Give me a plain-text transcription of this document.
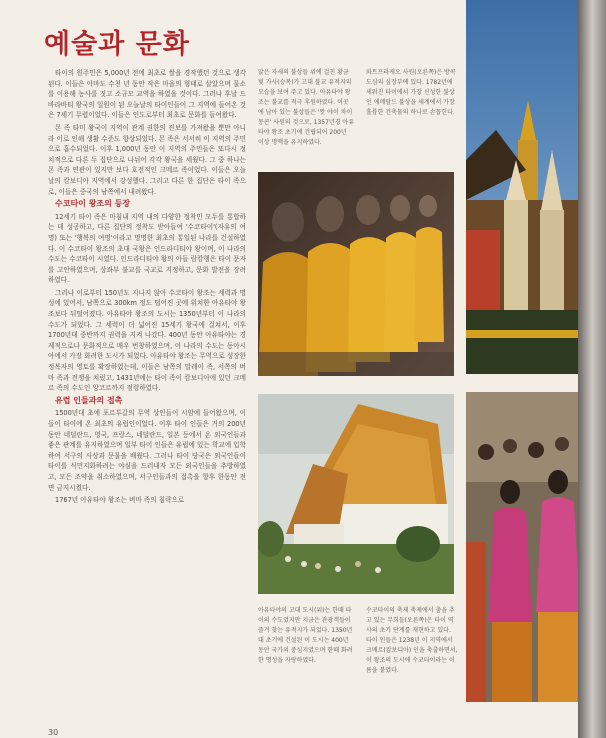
예술과 문화

타이의 원주민은 5,000년 전에 최초로 쌀을 경작했던 것으로 생각된다. 이들은 아마도 수천 년 동안 작은 마을의 형태로 살았으며 물소를 이용해 농사를 짓고 소규모 교역을 하였을 것이다. 그러나 후날 드바라바티 왕국의 일원이 된 오늘날의 타이인들이 그 지역에 들어온 것은 7세기 무렵이었다. 이들은 인도로부터 최초로 문화를 들여왔다.

몬 족 타미 왕국이 지역이 관계 권한의 진보를 가져왔을 뿐만 아니라 이로 인해 생활 수준도 향상되었다. 몬 족은 서서히 이 지역의 주민으로 흡수되었다. 이후 1,000년 동안 이 지역의 주민들은 또다시 정치적으로 다른 두 집단으로 나뉘어 각각 왕국을 세웠다. 그 중 하나는 몬 족과 연관이 있지만 보다 호전적인 크메르 족이었다. 이들은 오늘날의 캄보디아 지역에서 강성했다. 그리고 다른 한 집단은 타이 족으로, 이들은 중국의 남쪽에서 내려왔다.

수코타이 왕조의 등장

12세기 타이 족은 마침내 지역 내의 다양한 정착민 모두를 통합하는 데 성공하고, 다른 집단의 정착도 받아들여 '수코타이'(자유의 여명) 또는 '행복의 여명'이라고 명명한 최초의 통일된 나라를 건설하였다. 이 수코타이 왕조의 초대 국왕은 인드라디티야 왕이며, 이 나라의 수도는 수코타이 시였다. 인드라디티야 왕의 아들 람캄행은 타이 문자를 고안하였으며, 상좌부 불교를 국교로 지정하고, 문화 발전을 장려하였다.

그러나 이로부터 150년도 지나지 않아 수코타이 왕조는 세력과 명성에 있어서, 남쪽으로 300km 정도 떨어진 곳에 위치한 아유타야 왕조보다 뒤떨어졌다. 아유타야 왕조의 도시는 1350년부터 이 나라의 수도가 되었다. 그 세력이 더 넓어진 15세기 왕국에 걸쳐서, 이후 1700년대 중반까지 권력을 지켜 나갔다. 400년 동안 아유타야는 경제적으로나 문화적으로 매우 번창하였으며, 이 나라의 수도는 동아시아에서 가장 화려한 도시가 되었다. 아유타야 왕조는 무역으로 성장한 정복자의 영토를 확장하였는데, 이들은 남쪽의 말레이 족, 서쪽의 버마 족과 전쟁을 치렀고, 1431년에는 타이 족이 캄보디아에 있던 크메르 족의 수도인 앙코르까지 점령하였다.

유럽 인들과의 접촉

1500년대 초에 포르투갈의 무역 상인들이 시암에 들어왔으며, 이들이 타이에 온 최초의 유럽인이었다. 이후 타이 인들은 거의 200년 동안 네덜란드, 영국, 프랑스, 네덜란드, 일본 등에서 온 외국인들과 좋은 관계를 유지하였으며 일부 타이 인들은 유럽에 있는 학교에 입학하여 서구의 사상과 문물을 배웠다. 그러나 타이 당국은 외국인들이 타이를 식민지화하려는 야심을 드러내자 모든 외국인들을 추방하였고, 모든 조약을 취소하였으며, 서구인들과의 접촉을 향후 한동안 전면 금지시켰다.

1767년 아유타야 왕조는 버마 족의 침략으로

앉은 자세의 불상들 위에 걸친 황금빛 가사(승복)가 고대 불교 유적지의 모습을 보여 주고 있다. 아유타야 왕조는 불교를 적극 후원하였다. 이곳에 남아 있는 불상들은 '왓 야이 차이몽콘' 사원의 것으로, 1357년경 아유타야 왕조 초기에 건립되어 200년 이상 명맥을 유지하였다.
와트프라케오 사원(오른쪽)은 방콕 도심의 심장부에 있다. 1782년에 세워진 타이에서 가장 신성한 불상인 에메랄드 불상을 세계에서 가장 훌륭한 건축물의 하나로 손꼽힌다.
아유타야의 고대 도시(위)는 한때 타이의 수도였지만 지금은 관광객들이 즐겨 찾는 유적지가 되었다. 1350년대 초기에 건설된 이 도시는 400년 동안 국가의 중심지였으며 한때 화려한 명성을 자랑하였다.
수코타이의 축제 축제에서 춤을 추고 있는 무희들(오른쪽)은 타이 역사의 초기 단계를 재현하고 있다. 타이 인들은 1238년 이 지역에서 크메르(캄보디아) 인을 축출하면서, 이 왕조의 도시에 수코타이라는 이름을 붙였다.
30
